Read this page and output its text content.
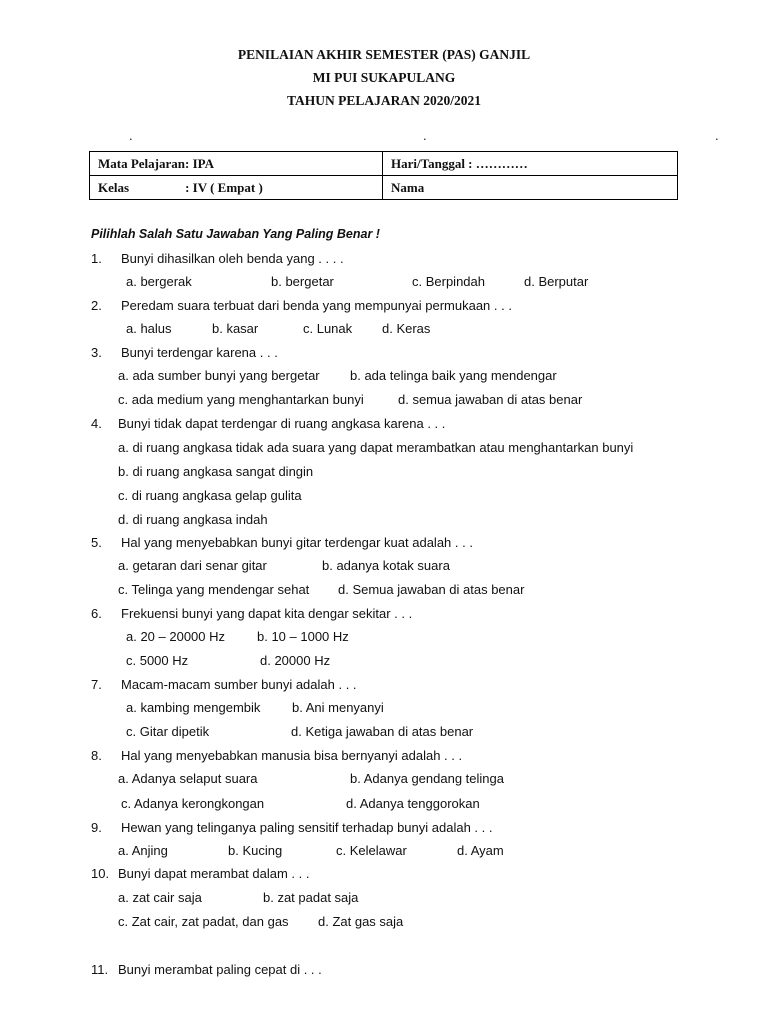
PENILAIAN AKHIR SEMESTER (PAS) GANJIL
MI PUI SUKAPULANG
TAHUN PELAJARAN 2020/2021
.	.	.
Mata Pelajaran: IPA	Hari/Tanggal : …………
Kelas : IV ( Empat )	Nama
Pilihlah Salah Satu Jawaban Yang Paling Benar !
1. Bunyi dihasilkan oleh benda yang . . . .
a. bergerak	b. bergetar	c. Berpindah	d. Berputar
2. Peredam suara terbuat dari benda yang mempunyai permukaan . . .
a. halus	b. kasar	c. Lunak d. Keras
3. Bunyi terdengar karena . . .
a. ada sumber bunyi yang bergetar b. ada telinga baik yang mendengar
c. ada medium yang menghantarkan bunyi	d. semua jawaban di atas benar
4. Bunyi tidak dapat terdengar di ruang angkasa karena . . .
a. di ruang angkasa tidak ada suara yang dapat merambatkan atau menghantarkan bunyi
b. di ruang angkasa sangat dingin
c. di ruang angkasa gelap gulita
d. di ruang angkasa indah
5. Hal yang menyebabkan bunyi gitar terdengar kuat adalah . . .
a. getaran dari senar gitar	b. adanya kotak suara
c. Telinga yang mendengar sehat d. Semua jawaban di atas benar
6. Frekuensi bunyi yang dapat kita dengar sekitar . . .
a. 20 – 20000 Hz b. 10 – 1000 Hz
c. 5000 Hz	d. 20000 Hz
7. Macam-macam sumber bunyi adalah . . .
a. kambing mengembik b. Ani menyanyi
c. Gitar dipetik	d. Ketiga jawaban di atas benar
8. Hal yang menyebabkan manusia bisa bernyanyi adalah . . .
a. Adanya selaput suara	b. Adanya gendang telinga
c. Adanya kerongkongan	d. Adanya tenggorokan
9. Hewan yang telinganya paling sensitif terhadap bunyi adalah . . .
a. Anjing	b. Kucing	c. Kelelawar	d. Ayam
10. Bunyi dapat merambat dalam . . .
a. zat cair saja	b. zat padat saja
c. Zat cair, zat padat, dan gas d. Zat gas saja
11. Bunyi merambat paling cepat di . . .
